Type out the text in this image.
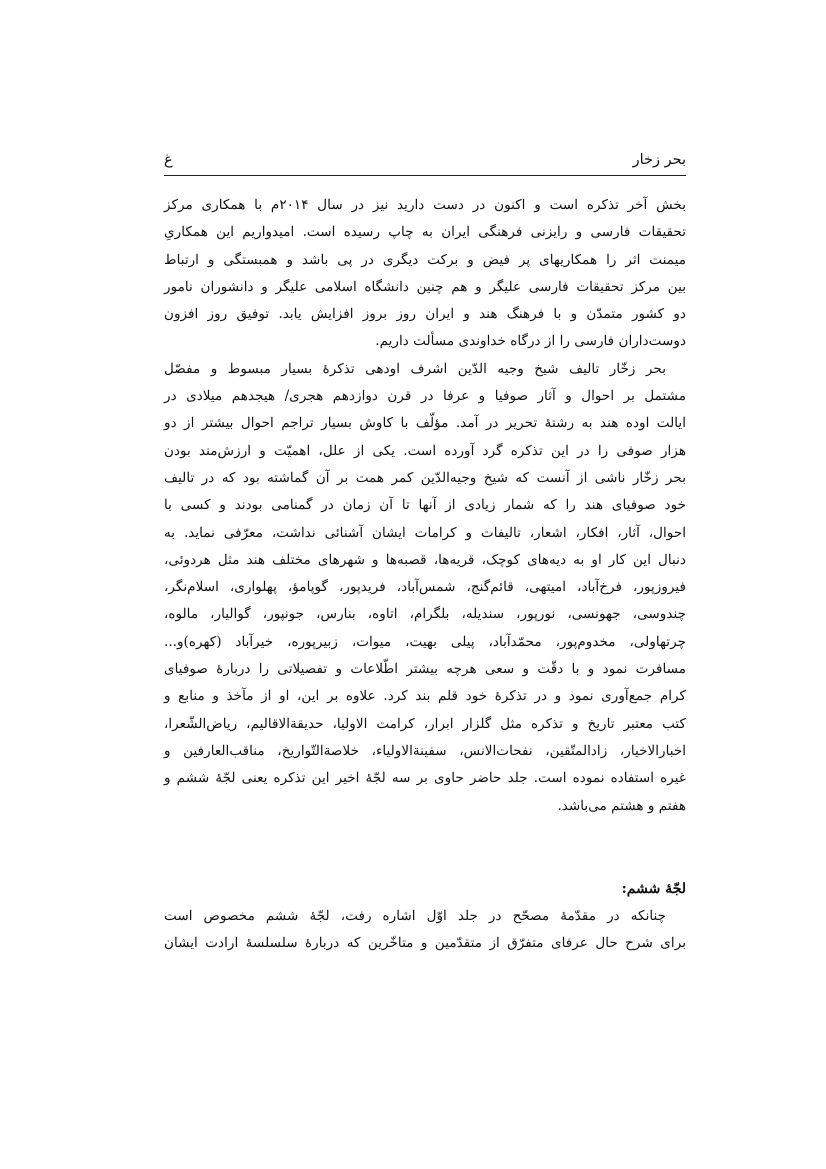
بحر زخار
غ

بخش آخر تذکره است و اکنون در دست دارید نیز در سال ۲۰۱۴م با همکاری مرکز
تحقیقات فارسی و رایزنی فرهنگی ایران به چاپ رسیده است. امیدواریم این همکاریِ
میمنت اثر را همکاریهای پر فیض و برکت دیگری در پی باشد و همبستگی و ارتباط
بین مرکز تحقیقات فارسی علیگر و هم چنین دانشگاه اسلامی علیگر و دانشوران نامور
دو کشور متمدّن و با فرهنگ هند و ایران روز بروز افزایش یابد. توفیق روز افزون
دوست‌داران فارسی را از درگاه خداوندی مسألت داریم.

بحر زخّار تالیف شیخ وجیه الدّین اشرف اودهی تذکرهٔ بسیار مبسوط و مفصّل
مشتمل بر احوال و آثار صوفیا و عرفا در قرن دوازدهم هجری/ هیجدهم میلادی در
ایالت اوده هند به رشتهٔ تحریر در آمد. مؤلّف با کاوش بسیار تراجم احوال بیشتر از دو
هزار صوفی را در این تذکره گرد آورده است. یکی از علل، اهمیّت و ارزش‌مند بودن
بحر زخّار ناشی از آنست که شیخ وجیه‌الدّین کمر همت بر آن گماشته بود که در تالیف
خود صوفیای هند را که شمار زیادی از آنها تا آن زمان در گمنامی بودند و کسی با
احوال، آثار، افکار، اشعار، تالیفات و کرامات ایشان آشنائی نداشت، معرّفی نماید. به
دنبال این کار او به دیه‌های کوچک، قریه‌ها، قصبه‌ها و شهرهای مختلف هند مثل هردوئی،
فیروزپور، فرخ‌آباد، امیتهی، قائم‌گنج، شمس‌آباد، فریدپور، گوپامؤ، پهلواری، اسلام‌نگر،
چندوسی، جهونسی، نورپور، سندیله، بلگرام، اتاوه، بنارس، جونپور، گوالیار، مالوه،
چرتهاولی، مخدوم‌پور، محمّدآباد، پیلی بهیت، میوات، زبیرپوره، خیرآباد (کهره)و...
مسافرت نمود و با دقّت و سعی هرچه بیشتر اطّلاعات و تفصیلاتی را دربارهٔ صوفیای
کرام جمع‌آوری نمود و در تذکرهٔ خود قلم بند کرد. علاوه بر این، او از مآخذ و منابع و
کتب معتبر تاریخ و تذکره مثل گلزار ابرار، کرامت الاولیا، حدیقةالاقالیم، ریاض‌الشّعرا،
اخبارالاخیار، زادالمتّقین، نفحات‌الانس، سفینةالاولیاء، خلاصةالتّواریخ، مناقب‌العارفین و
غیره استفاده نموده است. جلد حاضر حاوی بر سه لجّهٔ اخیر این تذکره یعنی لجّهٔ ششم و
هفتم و هشتم می‌باشد.

لجّهٔ ششم:
چنانکه در مقدّمهٔ مصحّح در جلد اوّل اشاره رفت، لجّهٔ ششم مخصوص است
برای شرح حال عرفای متفرّق از متقدّمین و متاخّرین که دربارهٔ سلسلسهٔ ارادت ایشان
